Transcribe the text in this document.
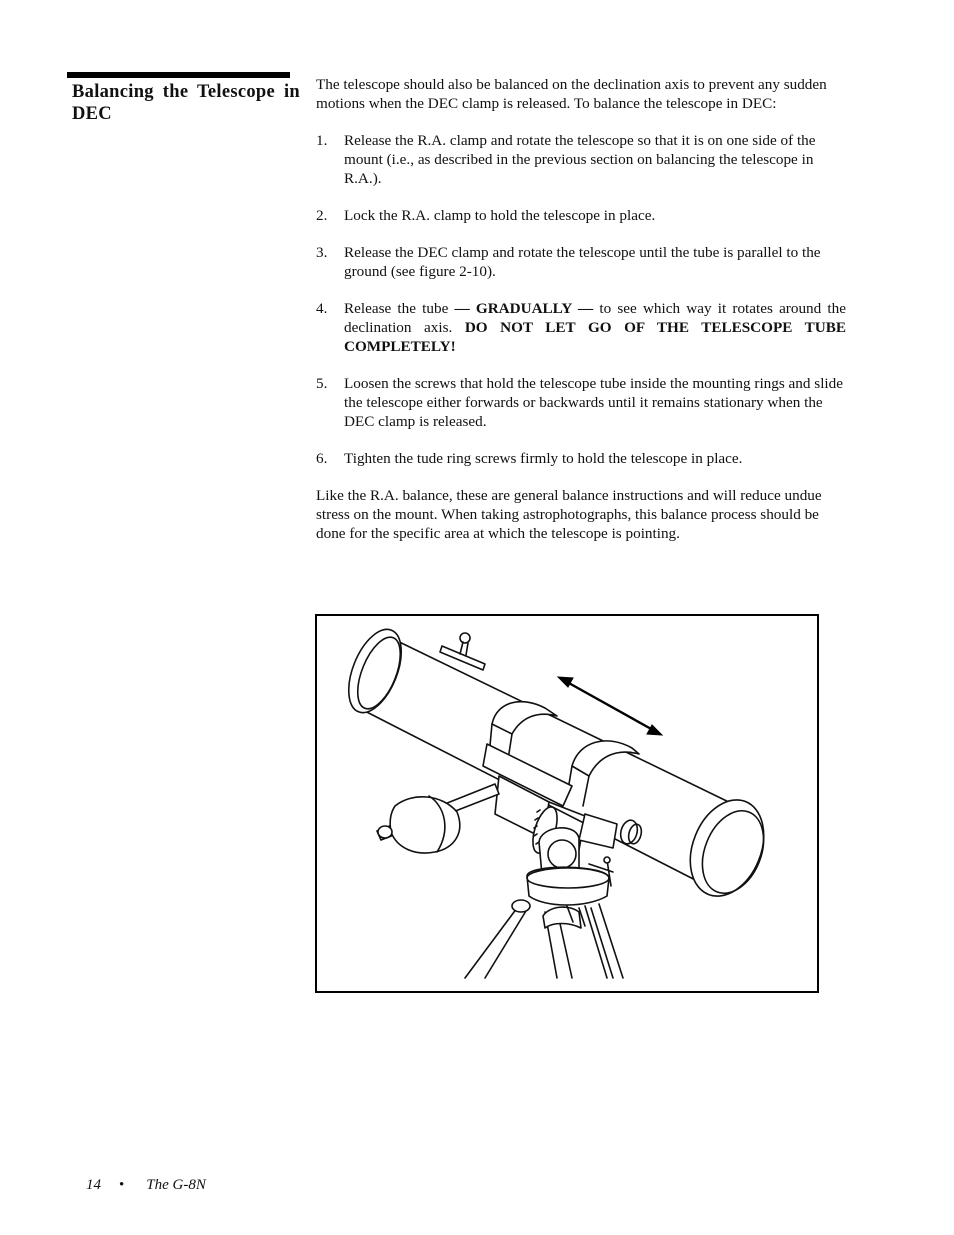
Balancing the Telescope in DEC

The telescope should also be balanced on the declination axis to prevent any sudden motions when the DEC clamp is released. To balance the telescope in DEC:

1. Release the R.A. clamp and rotate the telescope so that it is on one side of the mount (i.e., as described in the previous section on balancing the telescope in R.A.).
2. Lock the R.A. clamp to hold the telescope in place.
3. Release the DEC clamp and rotate the telescope until the tube is parallel to the ground (see figure 2-10).
4. Release the tube — GRADUALLY — to see which way it rotates around the declination axis. DO NOT LET GO OF THE TELESCOPE TUBE COMPLETELY!
5. Loosen the screws that hold the telescope tube inside the mounting rings and slide the telescope either forwards or backwards until it remains stationary when the DEC clamp is released.
6. Tighten the tude ring screws firmly to hold the telescope in place.

Like the R.A. balance, these are general balance instructions and will reduce undue stress on the mount. When taking astrophotographs, this balance process should be done for the specific area at which the telescope is pointing.

14 • The G-8N
